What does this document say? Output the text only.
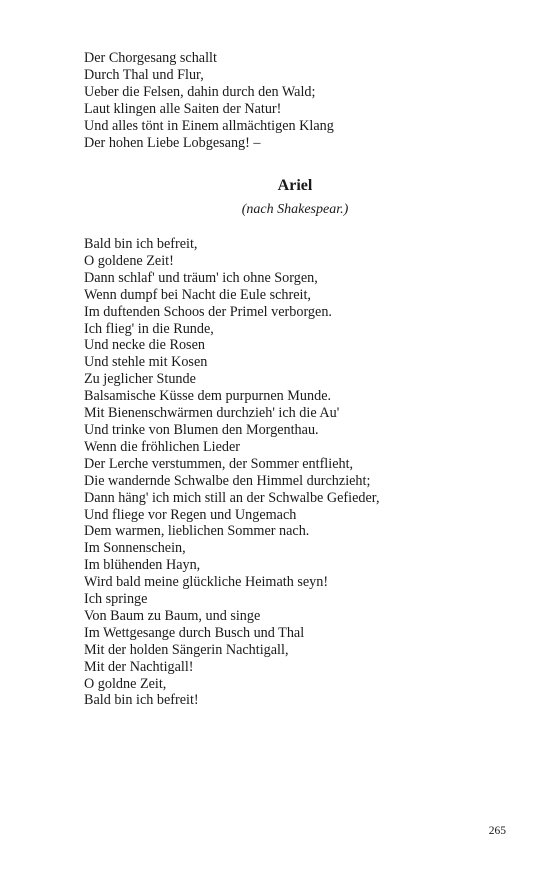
Der Chorgesang schallt
Durch Thal und Flur,
Ueber die Felsen, dahin durch den Wald;
Laut klingen alle Saiten der Natur!
Und alles tönt in Einem allmächtigen Klang
Der hohen Liebe Lobgesang! –
Ariel
(nach Shakespear.)
Bald bin ich befreit,
O goldene Zeit!
Dann schlaf' und träum' ich ohne Sorgen,
Wenn dumpf bei Nacht die Eule schreit,
Im duftenden Schoos der Primel verborgen.
Ich flieg' in die Runde,
Und necke die Rosen
Und stehle mit Kosen
Zu jeglicher Stunde
Balsamische Küsse dem purpurnen Munde.
Mit Bienenschwärmen durchzieh' ich die Au'
Und trinke von Blumen den Morgenthau.
Wenn die fröhlichen Lieder
Der Lerche verstummen, der Sommer entflieht,
Die wandernde Schwalbe den Himmel durchzieht;
Dann häng' ich mich still an der Schwalbe Gefieder,
Und fliege vor Regen und Ungemach
Dem warmen, lieblichen Sommer nach.
Im Sonnenschein,
Im blühenden Hayn,
Wird bald meine glückliche Heimath seyn!
Ich springe
Von Baum zu Baum, und singe
Im Wettgesange durch Busch und Thal
Mit der holden Sängerin Nachtigall,
Mit der Nachtigall!
O goldne Zeit,
Bald bin ich befreit!
265
